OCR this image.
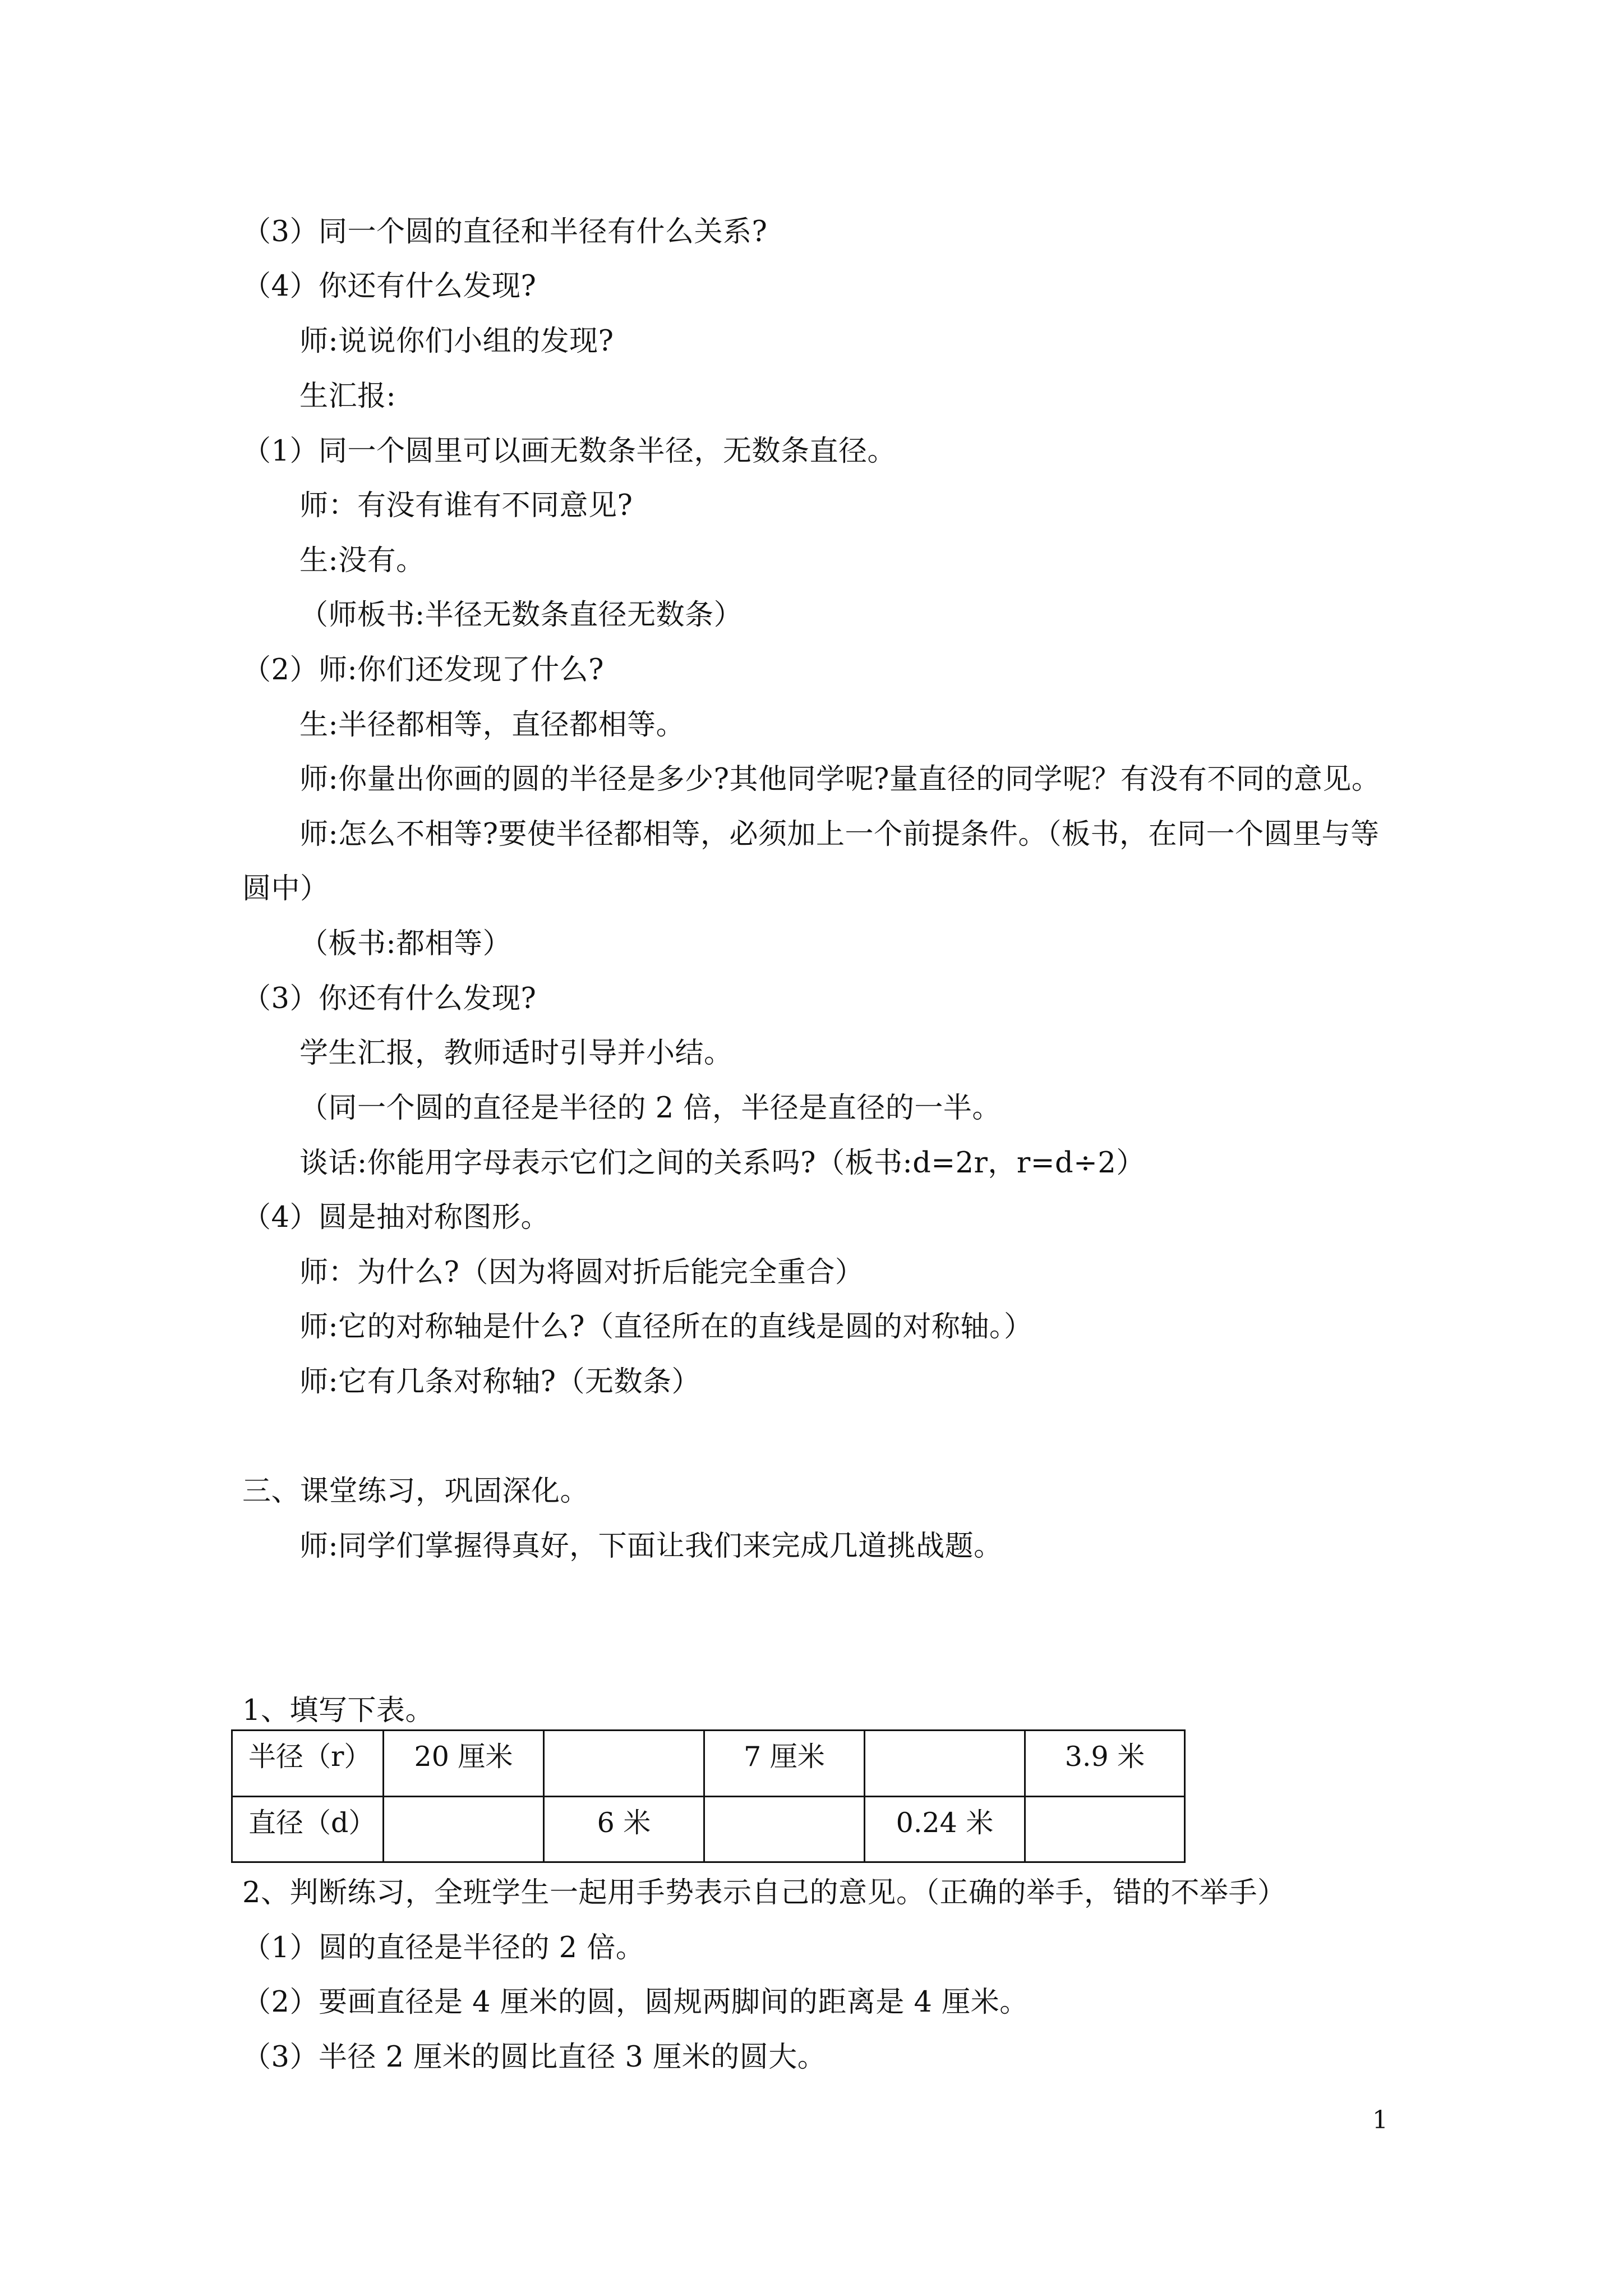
（3）同一个圆的直径和半径有什么关系?
（4）你还有什么发现?
师:说说你们小组的发现?
生汇报:
（1）同一个圆里可以画无数条半径，无数条直径。
师：有没有谁有不同意见?
生:没有。
（师板书:半径无数条直径无数条）
（2）师:你们还发现了什么?
生:半径都相等，直径都相等。
师:你量出你画的圆的半径是多少?其他同学呢?量直径的同学呢？有没有不同的意见。
师:怎么不相等?要使半径都相等，必须加上一个前提条件。（板书，在同一个圆里与等
圆中）
（板书:都相等）
（3）你还有什么发现?
学生汇报，教师适时引导并小结。
（同一个圆的直径是半径的 2 倍，半径是直径的一半。
谈话:你能用字母表示它们之间的关系吗?（板书:d=2r，r=d÷2）
（4）圆是抽对称图形。
师：为什么?（因为将圆对折后能完全重合）
师:它的对称轴是什么?（直径所在的直线是圆的对称轴。）
师:它有几条对称轴?（无数条）
三、课堂练习，巩固深化。
师:同学们掌握得真好，下面让我们来完成几道挑战题。
1、填写下表。
半径（r）	20 厘米		7 厘米		3.9 米
直径（d）		6 米		0.24 米	
2、判断练习，全班学生一起用手势表示自己的意见。（正确的举手，错的不举手）
（1）圆的直径是半径的 2 倍。
（2）要画直径是 4 厘米的圆，圆规两脚间的距离是 4 厘米。
（3）半径 2 厘米的圆比直径 3 厘米的圆大。
1
